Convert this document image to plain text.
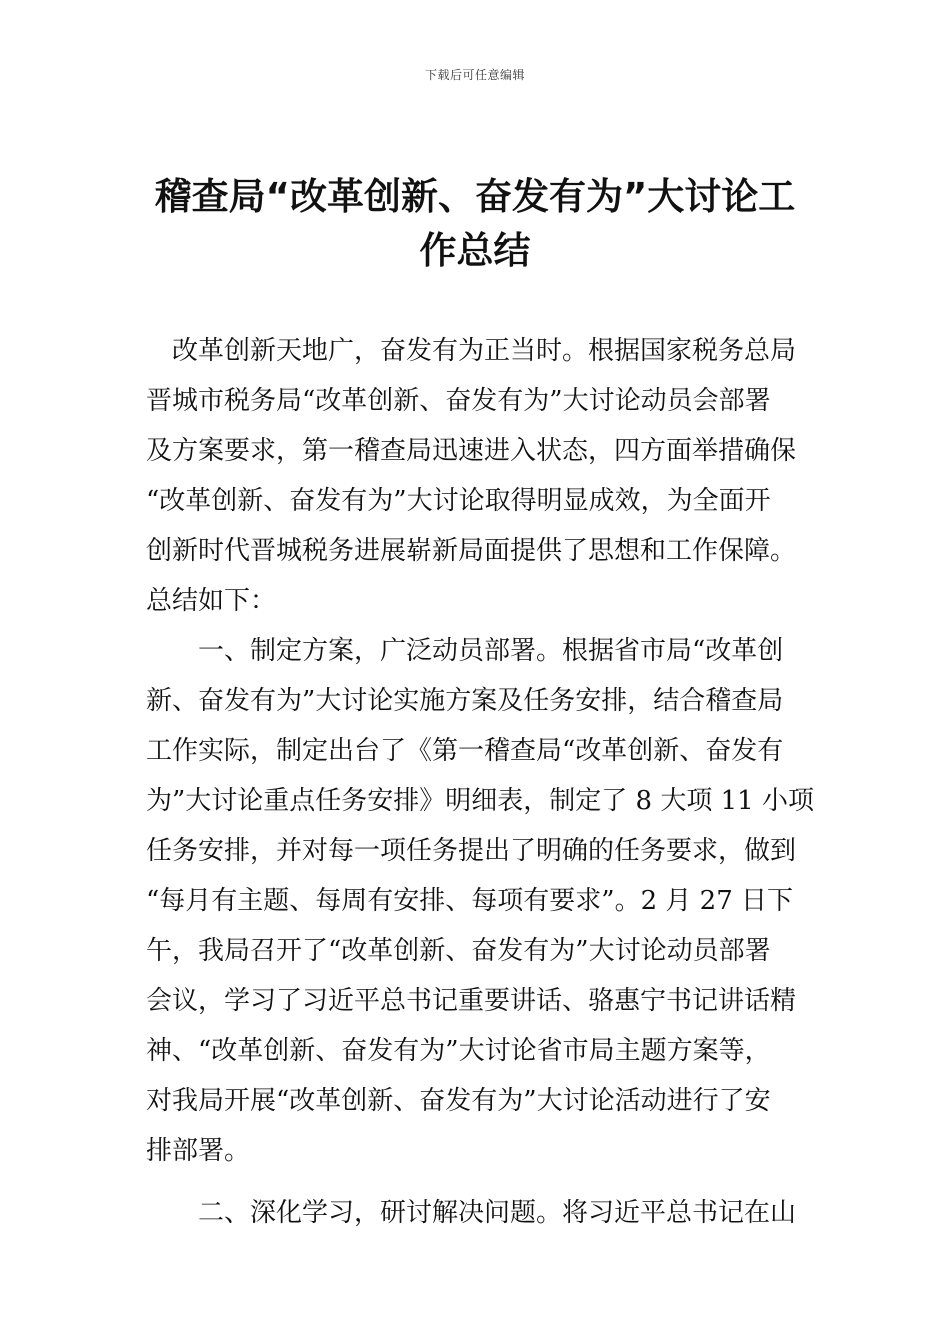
下载后可任意编辑
稽查局“改革创新、奋发有为”大讨论工
作总结

　改革创新天地广，奋发有为正当时。根据国家税务总局
晋城市税务局“改革创新、奋发有为”大讨论动员会部署
及方案要求，第一稽查局迅速进入状态，四方面举措确保
“改革创新、奋发有为”大讨论取得明显成效，为全面开
创新时代晋城税务进展崭新局面提供了思想和工作保障。
总结如下：

　　一、制定方案，广泛动员部署。根据省市局“改革创
新、奋发有为”大讨论实施方案及任务安排，结合稽查局
工作实际，制定出台了《第一稽查局“改革创新、奋发有
为”大讨论重点任务安排》明细表，制定了 8 大项 11 小项
任务安排，并对每一项任务提出了明确的任务要求，做到
“每月有主题、每周有安排、每项有要求”。2 月 27 日下
午，我局召开了“改革创新、奋发有为”大讨论动员部署
会议，学习了习近平总书记重要讲话、骆惠宁书记讲话精
神、“改革创新、奋发有为”大讨论省市局主题方案等，
对我局开展“改革创新、奋发有为”大讨论活动进行了安
排部署。

　　二、深化学习，研讨解决问题。将习近平总书记在山
